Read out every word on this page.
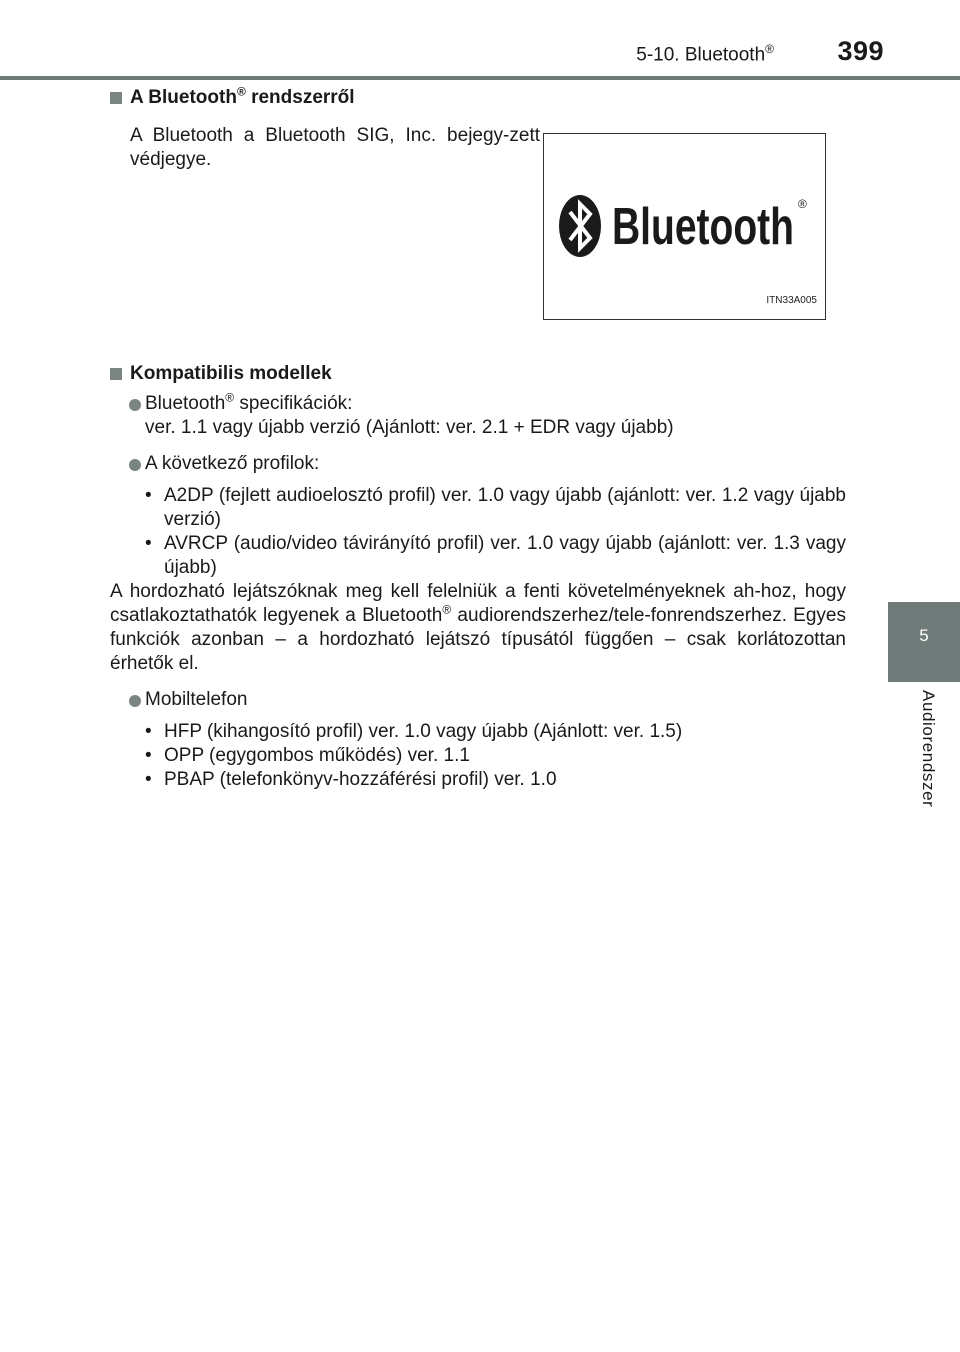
5-10. Bluetooth® 399
5
Audiorendszer
A Bluetooth® rendszerről

A Bluetooth a Bluetooth SIG, Inc. bejegy-zett védjegye.

Bluetooth ®
ITN33A005
Kompatibilis modellek
Bluetooth® specifikációk:
ver. 1.1 vagy újabb verzió (Ajánlott: ver. 2.1 + EDR vagy újabb)
A következő profilok:
• A2DP (fejlett audioelosztó profil) ver. 1.0 vagy újabb (ajánlott: ver. 1.2 vagy újabb verzió)
• AVRCP (audio/video távirányító profil) ver. 1.0 vagy újabb (ajánlott: ver. 1.3 vagy újabb)

A hordozható lejátszóknak meg kell felelniük a fenti követelményeknek ah-hoz, hogy csatlakoztathatók legyenek a Bluetooth® audiorendszerhez/tele-fonrendszerhez. Egyes funkciók azonban – a hordozható lejátszó típusától függően – csak korlátozottan érhetők el.

Mobiltelefon
• HFP (kihangosító profil) ver. 1.0 vagy újabb (Ajánlott: ver. 1.5)
• OPP (egygombos működés) ver. 1.1
• PBAP (telefonkönyv-hozzáférési profil) ver. 1.0
